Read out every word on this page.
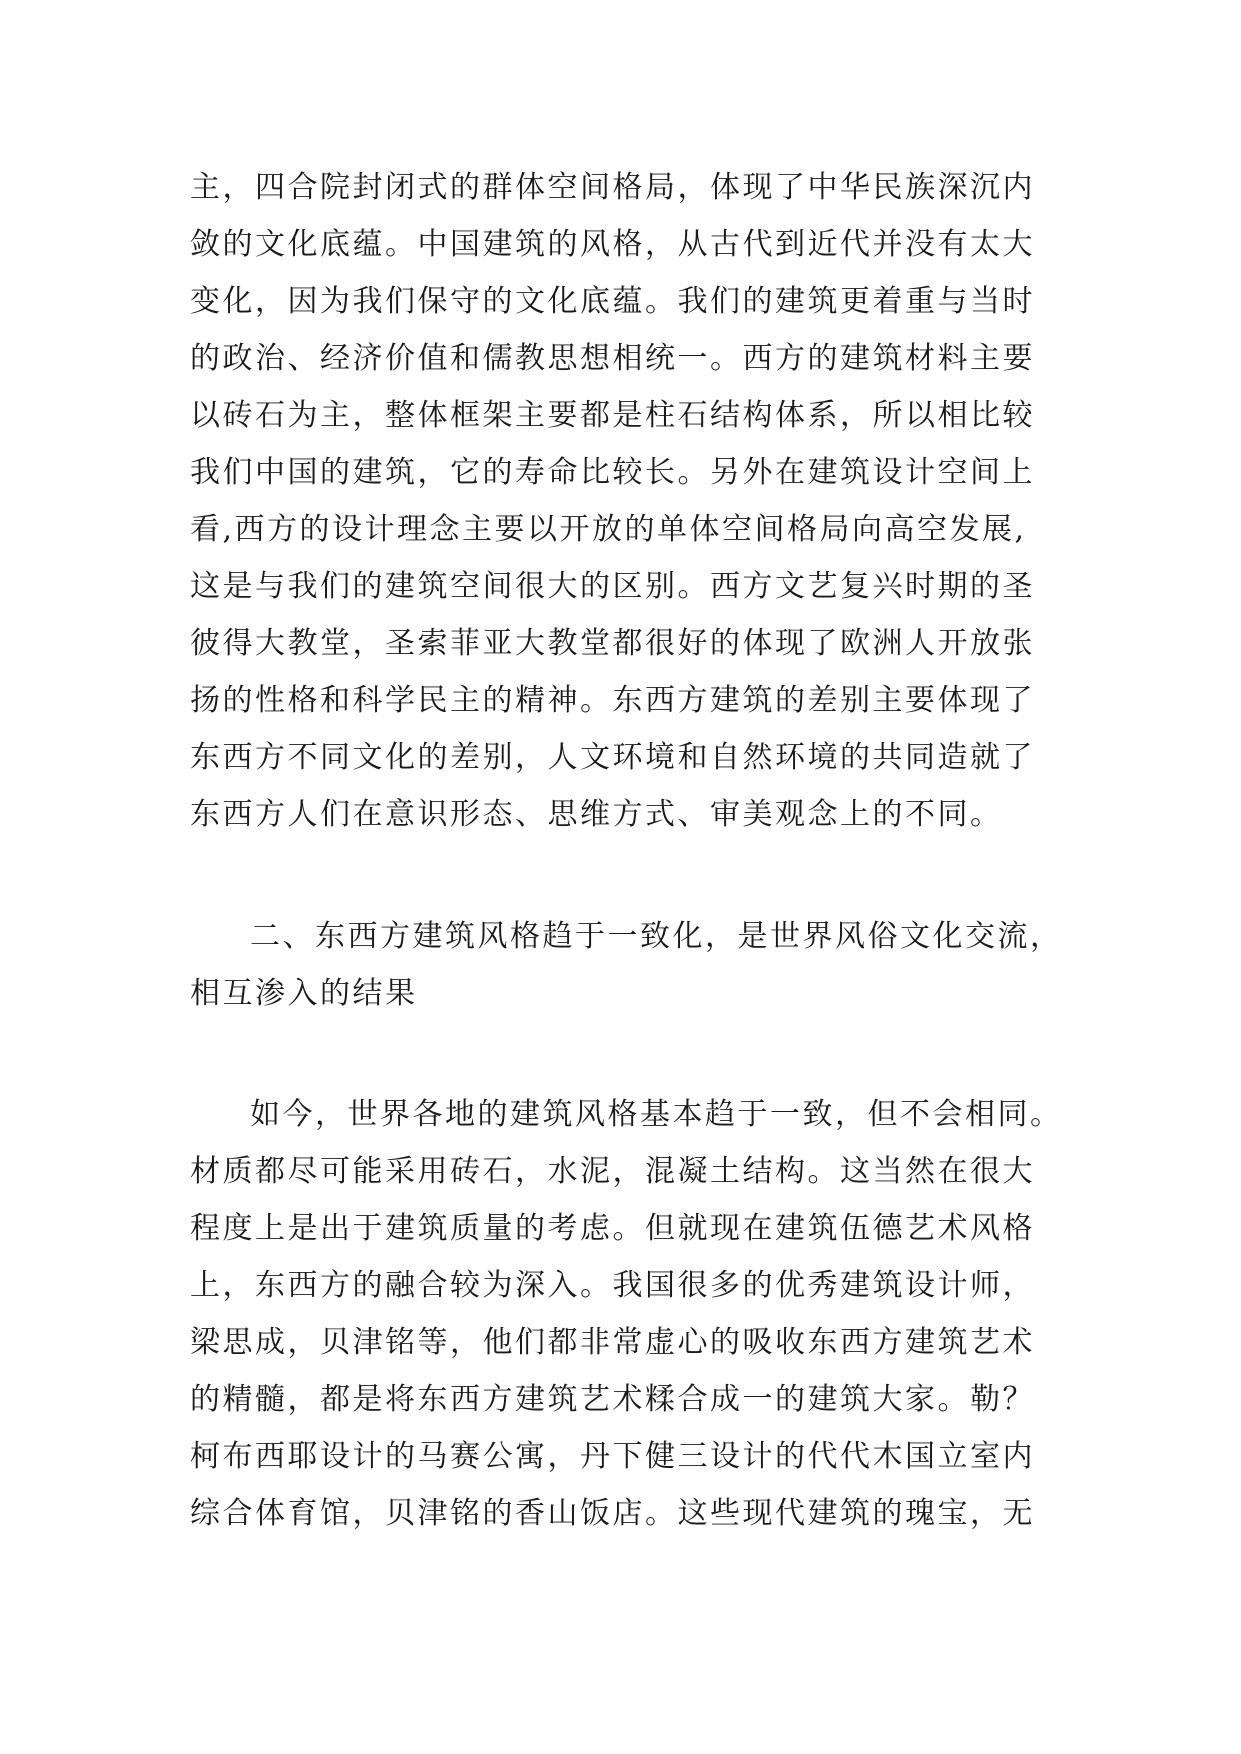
主，四合院封闭式的群体空间格局，体现了中华民族深沉内

敛的文化底蕴。中国建筑的风格，从古代到近代并没有太大

变化，因为我们保守的文化底蕴。我们的建筑更着重与当时

的政治、经济价值和儒教思想相统一。西方的建筑材料主要

以砖石为主，整体框架主要都是柱石结构体系，所以相比较

我们中国的建筑，它的寿命比较长。另外在建筑设计空间上

看,西方的设计理念主要以开放的单体空间格局向高空发展,

这是与我们的建筑空间很大的区别。西方文艺复兴时期的圣

彼得大教堂，圣索菲亚大教堂都很好的体现了欧洲人开放张

扬的性格和科学民主的精神。东西方建筑的差别主要体现了

东西方不同文化的差别，人文环境和自然环境的共同造就了

东西方人们在意识形态、思维方式、审美观念上的不同。

二、东西方建筑风格趋于一致化，是世界风俗文化交流，

相互渗入的结果

如今，世界各地的建筑风格基本趋于一致，但不会相同。

材质都尽可能采用砖石，水泥，混凝土结构。这当然在很大

程度上是出于建筑质量的考虑。但就现在建筑伍德艺术风格

上，东西方的融合较为深入。我国很多的优秀建筑设计师，

梁思成，贝津铭等，他们都非常虚心的吸收东西方建筑艺术

的精髓，都是将东西方建筑艺术糅合成一的建筑大家。勒？

柯布西耶设计的马赛公寓，丹下健三设计的代代木国立室内

综合体育馆，贝津铭的香山饭店。这些现代建筑的瑰宝，无
